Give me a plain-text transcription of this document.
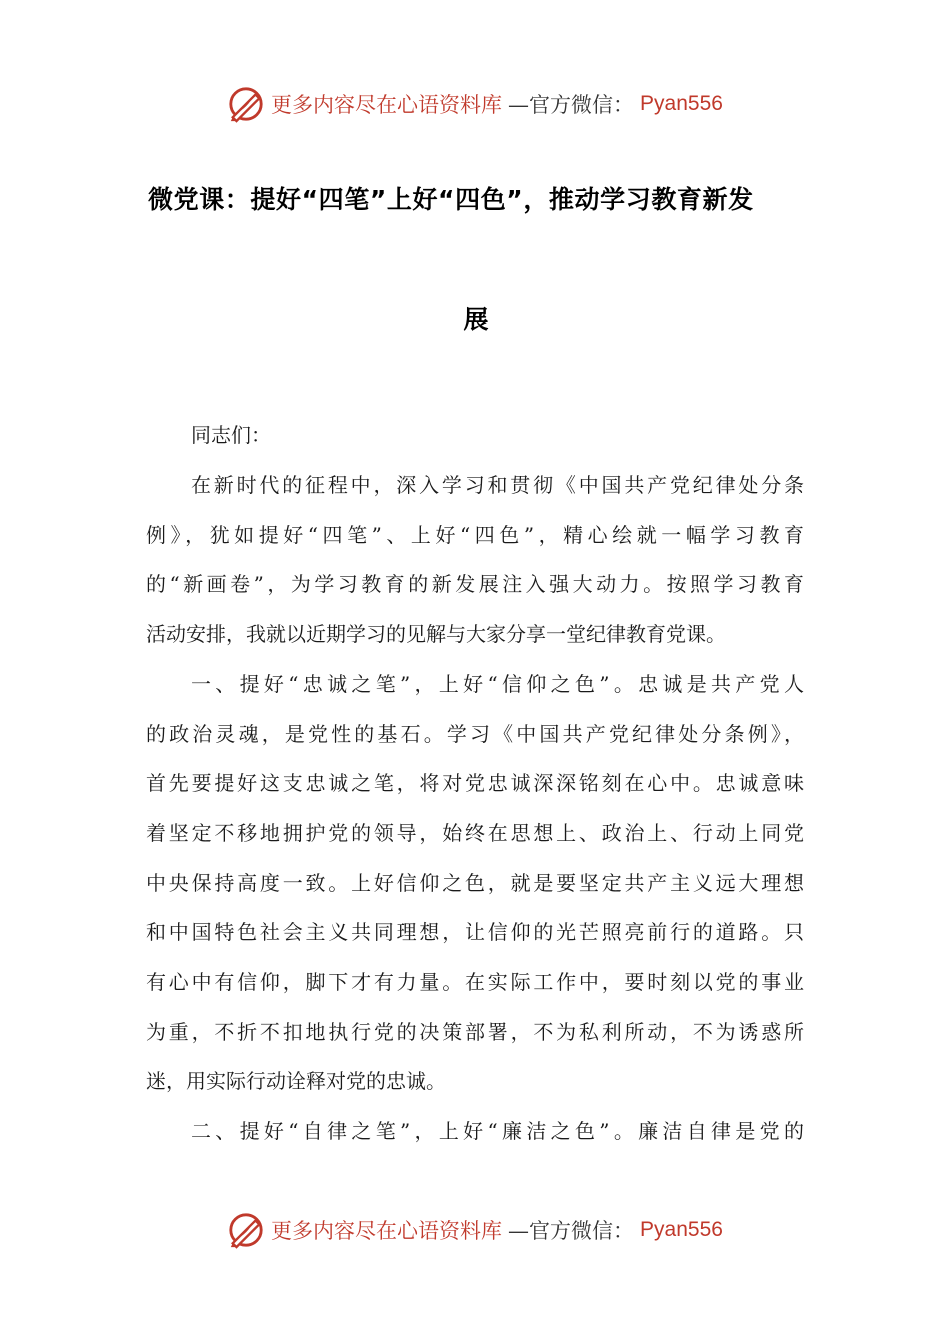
更多内容尽在心语资料库 —官方微信： Pyan556
微党课：提好“四笔”上好“四色”，推动学习教育新发
展
同志们：
在新时代的征程中，深入学习和贯彻《中国共产党纪律处分条
例》，犹如提好“四笔”、上好“四色”，精心绘就一幅学习教育
的“新画卷”，为学习教育的新发展注入强大动力。按照学习教育
活动安排，我就以近期学习的见解与大家分享一堂纪律教育党课。
一、提好“忠诚之笔”，上好“信仰之色”。忠诚是共产党人
的政治灵魂，是党性的基石。学习《中国共产党纪律处分条例》，
首先要提好这支忠诚之笔，将对党忠诚深深铭刻在心中。忠诚意味
着坚定不移地拥护党的领导，始终在思想上、政治上、行动上同党
中央保持高度一致。上好信仰之色，就是要坚定共产主义远大理想
和中国特色社会主义共同理想，让信仰的光芒照亮前行的道路。只
有心中有信仰，脚下才有力量。在实际工作中，要时刻以党的事业
为重，不折不扣地执行党的决策部署，不为私利所动，不为诱惑所
迷，用实际行动诠释对党的忠诚。
二、提好“自律之笔”，上好“廉洁之色”。廉洁自律是党的
更多内容尽在心语资料库 —官方微信： Pyan556
